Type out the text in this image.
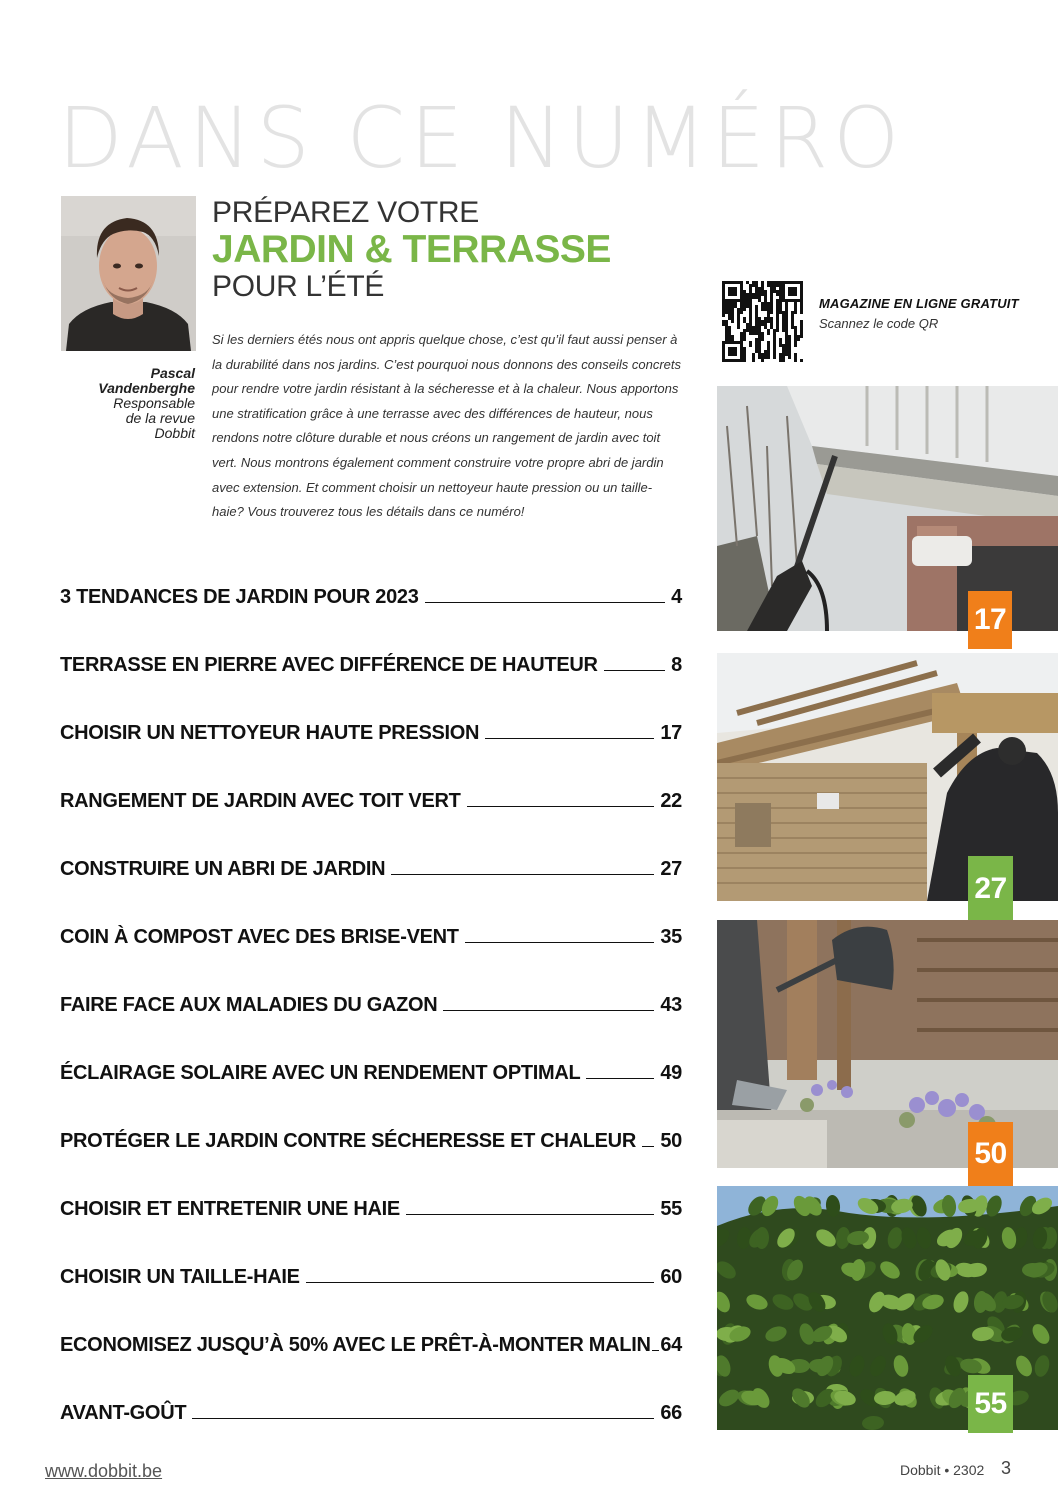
DANS CE NUMÉRO
Pascal
Vandenberghe
Responsable
de la revue
Dobbit
PRÉPAREZ VOTRE
JARDIN & TERRASSE
POUR L’ÉTÉ
Si les derniers étés nous ont appris quelque chose, c’est qu’il faut aussi penser à la durabilité dans nos jardins. C’est pourquoi nous donnons des conseils concrets pour rendre votre jardin résistant à la sécheresse et à la chaleur. Nous apportons une stratification grâce à une terrasse avec des différences de hauteur, nous rendons notre clôture durable et nous créons un rangement de jardin avec toit vert. Nous montrons également comment construire votre propre abri de jardin avec extension. Et comment choisir un nettoyeur haute pression ou un taille-haie? Vous trouverez tous les détails dans ce numéro!
MAGAZINE EN LIGNE GRATUIT
Scannez le code QR
3 TENDANCES DE JARDIN POUR 2023	4
TERRASSE EN PIERRE AVEC DIFFÉRENCE DE HAUTEUR	8
CHOISIR UN NETTOYEUR HAUTE PRESSION	17
RANGEMENT DE JARDIN AVEC TOIT VERT	22
CONSTRUIRE UN ABRI DE JARDIN	27
COIN À COMPOST AVEC DES BRISE-VENT	35
FAIRE FACE AUX MALADIES DU GAZON	43
ÉCLAIRAGE SOLAIRE AVEC UN RENDEMENT OPTIMAL	49
PROTÉGER LE JARDIN CONTRE SÉCHERESSE ET CHALEUR 50
CHOISIR ET ENTRETENIR UNE HAIE	55
CHOISIR UN TAILLE-HAIE	60
ECONOMISEZ JUSQU’À 50% AVEC LE PRÊT-À-MONTER MALIN 64
AVANT-GOÛT	66
17
27
50
55
www.dobbit.be	Dobbit • 2302 3
